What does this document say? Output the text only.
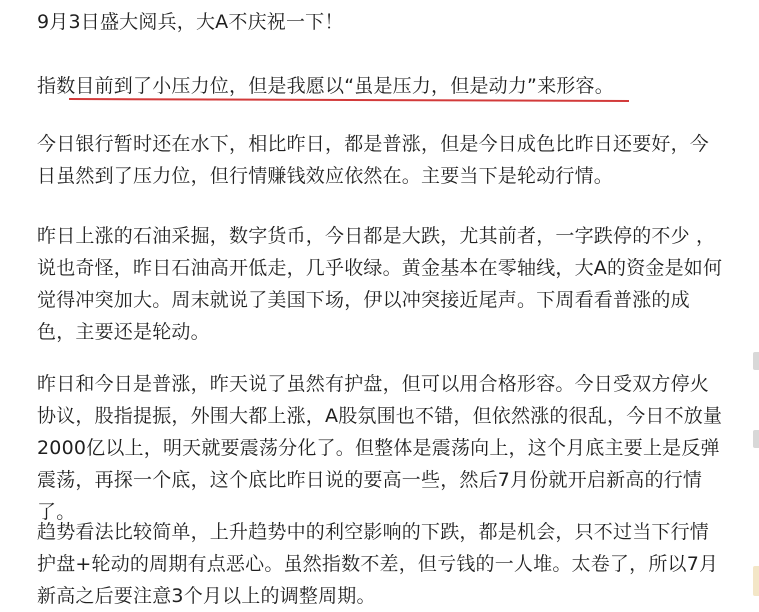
9月3日盛大阅兵，大A不庆祝一下！

指数目前到了小压力位，但是我愿以“虽是压力，但是动力”来形容。

今日银行暂时还在水下，相比昨日，都是普涨，但是今日成色比昨日还要好，今日虽然到了压力位，但行情赚钱效应依然在。主要当下是轮动行情。

昨日上涨的石油采掘，数字货币，今日都是大跌，尤其前者，一字跌停的不少 ，说也奇怪，昨日石油高开低走，几乎收绿。黄金基本在零轴线，大A的资金是如何觉得冲突加大。周末就说了美国下场，伊以冲突接近尾声。下周看看普涨的成色，主要还是轮动。

昨日和今日是普涨，昨天说了虽然有护盘，但可以用合格形容。今日受双方停火协议，股指提振，外围大都上涨，A股氛围也不错，但依然涨的很乱，今日不放量2000亿以上，明天就要震荡分化了。但整体是震荡向上，这个月底主要上是反弹震荡，再探一个底，这个底比昨日说的要高一些，然后7月份就开启新高的行情了。

趋势看法比较简单，上升趋势中的利空影响的下跌，都是机会，只不过当下行情护盘+轮动的周期有点恶心。虽然指数不差，但亏钱的一人堆。太卷了，所以7月新高之后要注意3个月以上的调整周期。
